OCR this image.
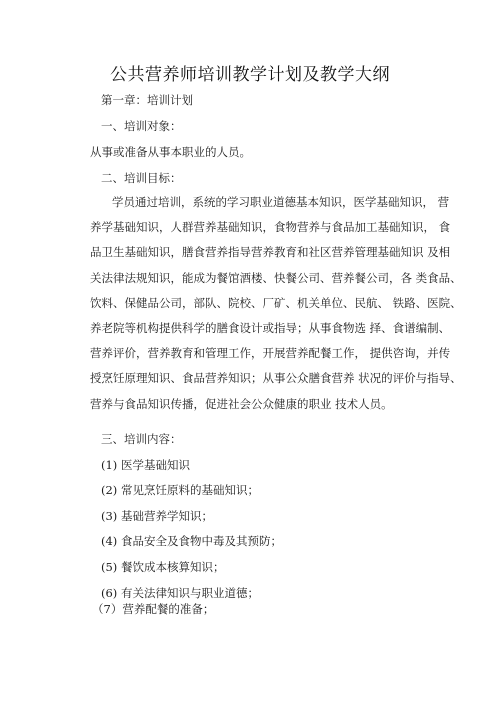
公共营养师培训教学计划及教学大纲
第一章：培训计划
一、培训对象：
从事或准备从事本职业的人员。
二、培训目标：
学员通过培训，系统的学习职业道德基本知识，医学基础知识， 营
养学基础知识，人群营养基础知识，食物营养与食品加工基础知识， 食
品卫生基础知识，膳食营养指导营养教育和社区营养管理基础知识 及相
关法律法规知识，能成为餐馆酒楼、快餐公司、营养餐公司，各 类食品、
饮料、保健品公司，部队、院校、厂矿、机关单位、民航、 铁路、医院、
养老院等机构提供科学的膳食设计或指导；从事食物选 择、食谱编制、
营养评价，营养教育和管理工作，开展营养配餐工作， 提供咨询，并传
授烹饪原理知识、食品营养知识；从事公众膳食营养 状况的评价与指导、
营养与食品知识传播，促进社会公众健康的职业 技术人员。
三、培训内容：
(1) 医学基础知识
(2) 常见烹饪原料的基础知识；
(3) 基础营养学知识；
(4) 食品安全及食物中毒及其预防；
(5) 餐饮成本核算知识；
(6) 有关法律知识与职业道德；
（7）营养配餐的准备；
